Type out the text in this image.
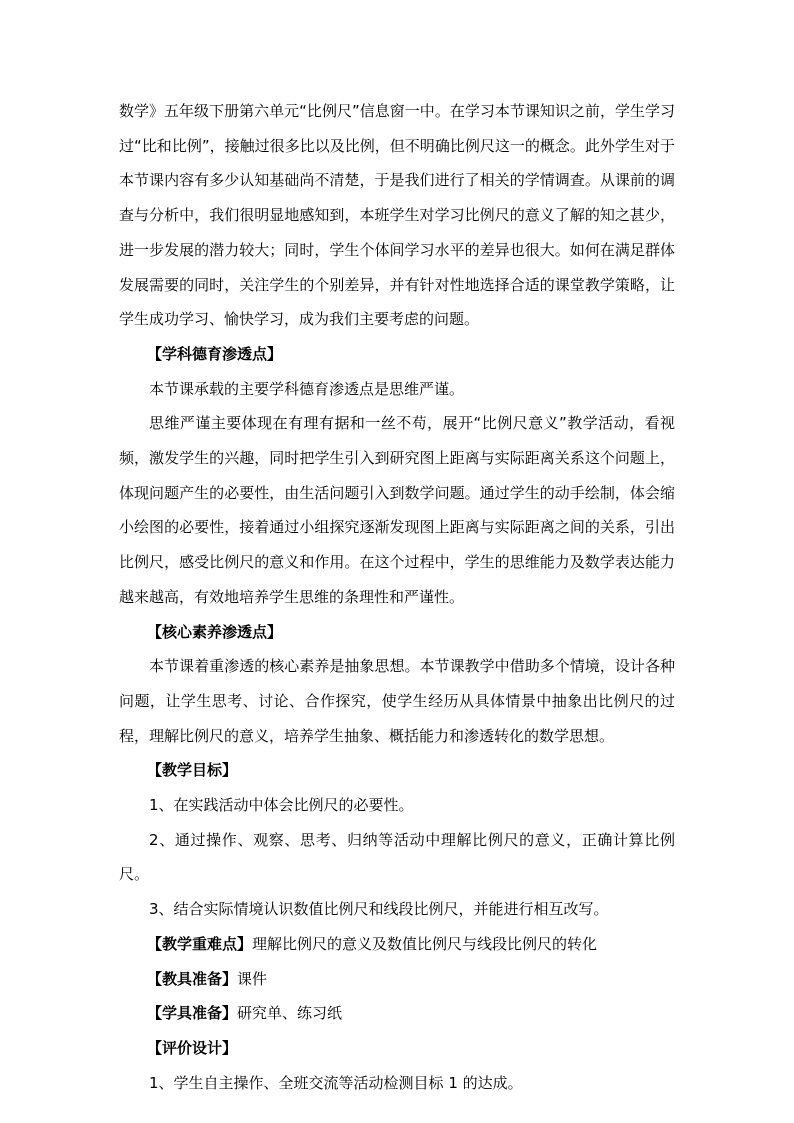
数学》五年级下册第六单元“比例尺”信息窗一中。在学习本节课知识之前，学生学习过“比和比例”，接触过很多比以及比例，但不明确比例尺这一的概念。此外学生对于本节课内容有多少认知基础尚不清楚，于是我们进行了相关的学情调查。从课前的调查与分析中，我们很明显地感知到，本班学生对学习比例尺的意义了解的知之甚少，进一步发展的潜力较大；同时，学生个体间学习水平的差异也很大。如何在满足群体发展需要的同时，关注学生的个别差异，并有针对性地选择合适的课堂教学策略，让学生成功学习、愉快学习，成为我们主要考虑的问题。

【学科德育渗透点】

本节课承载的主要学科德育渗透点是思维严谨。

思维严谨主要体现在有理有据和一丝不苟，展开“比例尺意义”教学活动，看视频，激发学生的兴趣，同时把学生引入到研究图上距离与实际距离关系这个问题上，体现问题产生的必要性，由生活问题引入到数学问题。通过学生的动手绘制，体会缩小绘图的必要性，接着通过小组探究逐渐发现图上距离与实际距离之间的关系，引出比例尺，感受比例尺的意义和作用。在这个过程中，学生的思维能力及数学表达能力越来越高，有效地培养学生思维的条理性和严谨性。

【核心素养渗透点】

本节课着重渗透的核心素养是抽象思想。本节课教学中借助多个情境，设计各种问题，让学生思考、讨论、合作探究，使学生经历从具体情景中抽象出比例尺的过程，理解比例尺的意义，培养学生抽象、概括能力和渗透转化的数学思想。

【教学目标】

1、在实践活动中体会比例尺的必要性。

2、通过操作、观察、思考、归纳等活动中理解比例尺的意义，正确计算比例尺。

3、结合实际情境认识数值比例尺和线段比例尺，并能进行相互改写。

【教学重难点】理解比例尺的意义及数值比例尺与线段比例尺的转化

【教具准备】课件

【学具准备】研究单、练习纸

【评价设计】

1、学生自主操作、全班交流等活动检测目标 1 的达成。
